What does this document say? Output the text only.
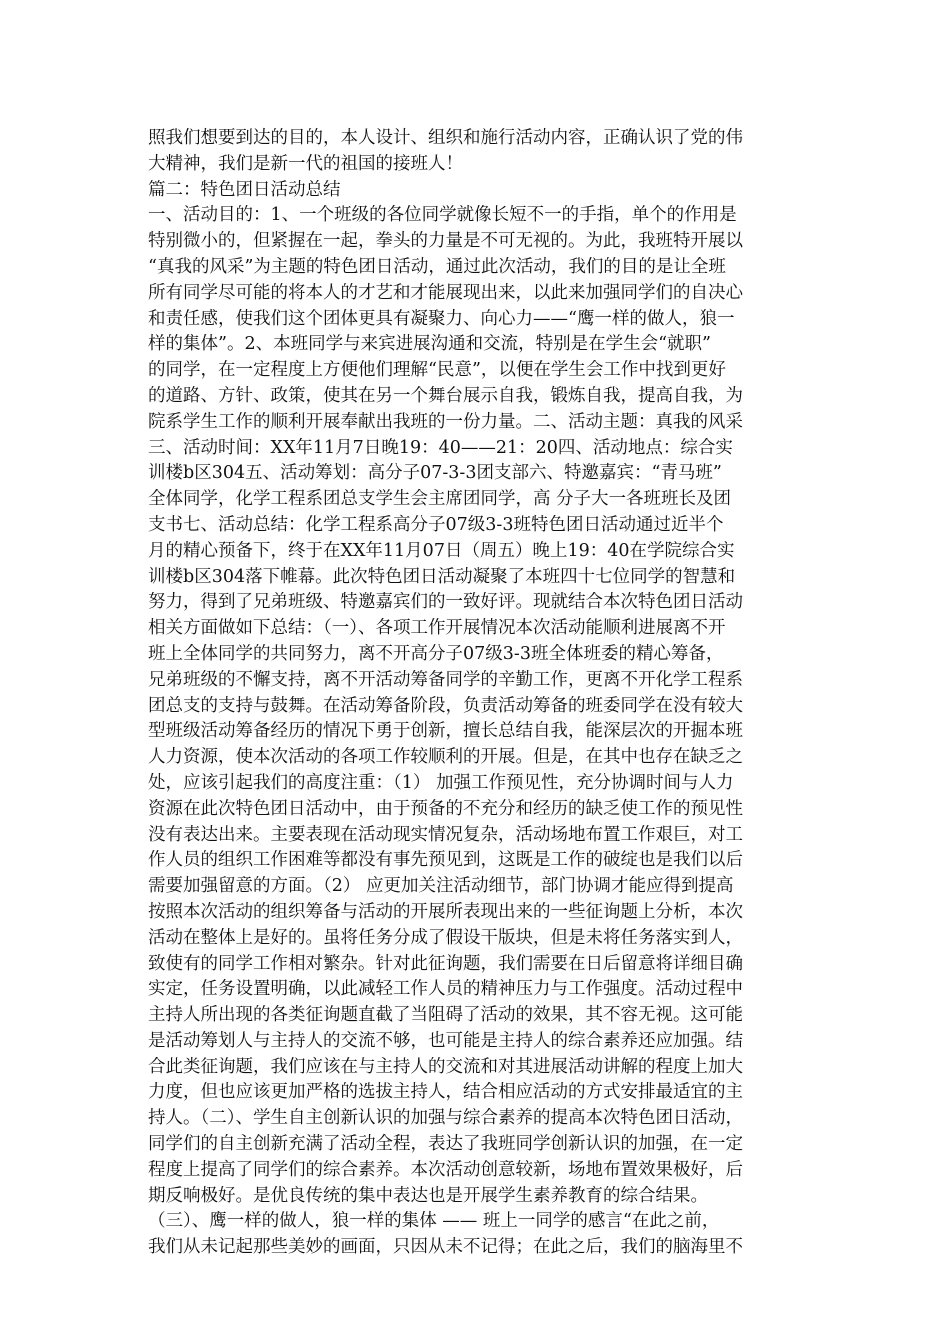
照我们想要到达的目的，本人设计、组织和施行活动内容，正确认识了党的伟
大精神，我们是新一代的祖国的接班人！
篇二：特色团日活动总结
一、活动目的：1、一个班级的各位同学就像长短不一的手指，单个的作用是
特别微小的，但紧握在一起，拳头的力量是不可无视的。为此，我班特开展以
“真我的风采”为主题的特色团日活动，通过此次活动，我们的目的是让全班
所有同学尽可能的将本人的才艺和才能展现出来，以此来加强同学们的自决心
和责任感，使我们这个团体更具有凝聚力、向心力——“鹰一样的做人，狼一
样的集体”。2、本班同学与来宾进展沟通和交流，特别是在学生会“就职”
的同学，在一定程度上方便他们理解“民意”，以便在学生会工作中找到更好
的道路、方针、政策，使其在另一个舞台展示自我，锻炼自我，提高自我，为
院系学生工作的顺利开展奉献出我班的一份力量。二、活动主题：真我的风采
三、活动时间：XX年11月7日晚19：40——21：20四、活动地点：综合实
训楼b区304五、活动筹划：高分子07-3-3团支部六、特邀嘉宾：“青马班”
全体同学，化学工程系团总支学生会主席团同学，高 分子大一各班班长及团
支书七、活动总结：化学工程系高分子07级3-3班特色团日活动通过近半个
月的精心预备下，终于在XX年11月07日（周五）晚上19：40在学院综合实
训楼b区304落下帷幕。此次特色团日活动凝聚了本班四十七位同学的智慧和
努力，得到了兄弟班级、特邀嘉宾们的一致好评。现就结合本次特色团日活动
相关方面做如下总结：（一）、各项工作开展情况本次活动能顺利进展离不开
班上全体同学的共同努力，离不开高分子07级3-3班全体班委的精心筹备，
兄弟班级的不懈支持，离不开活动筹备同学的辛勤工作，更离不开化学工程系
团总支的支持与鼓舞。在活动筹备阶段，负责活动筹备的班委同学在没有较大
型班级活动筹备经历的情况下勇于创新，擅长总结自我，能深层次的开掘本班
人力资源，使本次活动的各项工作较顺利的开展。但是，在其中也存在缺乏之
处，应该引起我们的高度注重：（1） 加强工作预见性，充分协调时间与人力
资源在此次特色团日活动中，由于预备的不充分和经历的缺乏使工作的预见性
没有表达出来。主要表现在活动现实情况复杂，活动场地布置工作艰巨，对工
作人员的组织工作困难等都没有事先预见到，这既是工作的破绽也是我们以后
需要加强留意的方面。（2） 应更加关注活动细节，部门协调才能应得到提高
按照本次活动的组织筹备与活动的开展所表现出来的一些征询题上分析，本次
活动在整体上是好的。虽将任务分成了假设干版块，但是未将任务落实到人，
致使有的同学工作相对繁杂。针对此征询题，我们需要在日后留意将详细目确
实定，任务设置明确，以此减轻工作人员的精神压力与工作强度。活动过程中
主持人所出现的各类征询题直截了当阻碍了活动的效果，其不容无视。这可能
是活动筹划人与主持人的交流不够，也可能是主持人的综合素养还应加强。结
合此类征询题，我们应该在与主持人的交流和对其进展活动讲解的程度上加大
力度，但也应该更加严格的选拔主持人，结合相应活动的方式安排最适宜的主
持人。（二）、学生自主创新认识的加强与综合素养的提高本次特色团日活动，
同学们的自主创新充满了活动全程，表达了我班同学创新认识的加强，在一定
程度上提高了同学们的综合素养。本次活动创意较新，场地布置效果极好，后
期反响极好。是优良传统的集中表达也是开展学生素养教育的综合结果。
（三）、鹰一样的做人，狼一样的集体 —— 班上一同学的感言“在此之前，
我们从未记起那些美妙的画面，只因从未不记得；在此之后，我们的脑海里不
